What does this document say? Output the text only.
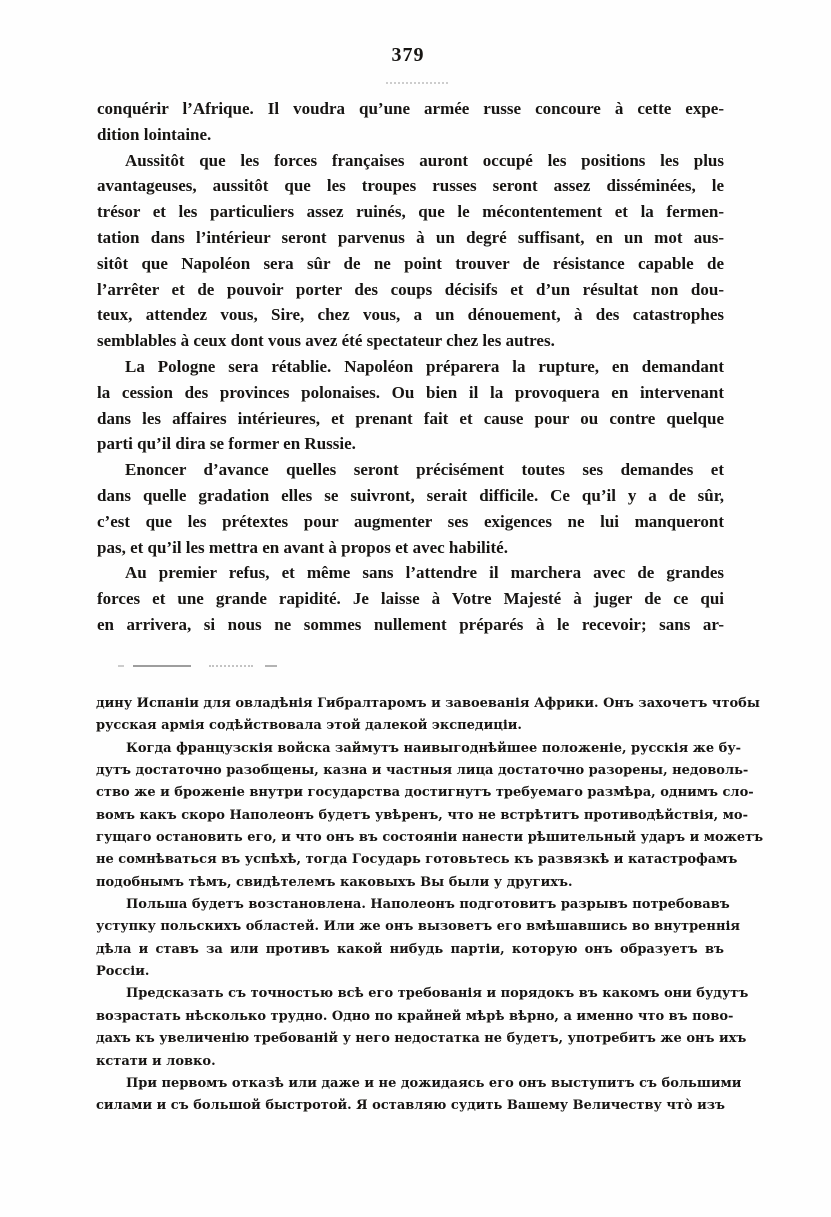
379
conquérir l’Afrique. Il voudra qu’une armée russe concoure à cette expe-
dition lointaine.
Aussitôt que les forces françaises auront occupé les positions les plus
avantageuses, aussitôt que les troupes russes seront assez disséminées, le
trésor et les particuliers assez ruinés, que le mécontentement et la fermen-
tation dans l’intérieur seront parvenus à un degré suffisant, en un mot aus-
sitôt que Napoléon sera sûr de ne point trouver de résistance capable de
l’arrêter et de pouvoir porter des coups décisifs et d’un résultat non dou-
teux, attendez vous, Sire, chez vous, a un dénouement, à des catastrophes
semblables à ceux dont vous avez été spectateur chez les autres.
La Pologne sera rétablie. Napoléon préparera la rupture, en demandant
la cession des provinces polonaises. Ou bien il la provoquera en intervenant
dans les affaires intérieures, et prenant fait et cause pour ou contre quelque
parti qu’il dira se former en Russie.
Enoncer d’avance quelles seront précisément toutes ses demandes et
dans quelle gradation elles se suivront, serait difficile. Ce qu’il y a de sûr,
c’est que les prétextes pour augmenter ses exigences ne lui manqueront
pas, et qu’il les mettra en avant à propos et avec habilité.
Au premier refus, et même sans l’attendre il marchera avec de grandes
forces et une grande rapidité. Je laisse à Votre Majesté à juger de ce qui
en arrivera, si nous ne sommes nullement préparés à le recevoir; sans ar-
дину Испаніи для овладѣнія Гибралтаромъ и завоеванія Африки. Онъ захочетъ чтобы
русская армія содѣйствовала этой далекой экспедиціи.
Когда французскія войска займутъ наивыгоднѣйшее положеніе, русскія же бу-
дутъ достаточно разобщены, казна и частныя лица достаточно разорены, недоволь-
ство же и броженіе внутри государства достигнутъ требуемаго размѣра, однимъ сло-
вомъ какъ скоро Наполеонъ будетъ увѣренъ, что не встрѣтитъ противодѣйствія, мо-
гущаго остановить его, и что онъ въ состояніи нанести рѣшительный ударъ и можетъ
не сомнѣваться въ успѣхѣ, тогда Государь готовьтесь къ развязкѣ и катастрофамъ
подобнымъ тѣмъ, свидѣтелемъ каковыхъ Вы были у другихъ.
Польша будетъ возстановлена. Наполеонъ подготовитъ разрывъ потребовавъ
уступку польскихъ областей. Или же онъ вызоветъ его вмѣшавшись во внутреннія
дѣла и ставъ за или противъ какой нибудь партіи, которую онъ образуетъ въ
Россіи.
Предсказать съ точностью всѣ его требованія и порядокъ въ какомъ они будутъ
возрастать нѣсколько трудно. Одно по крайней мѣрѣ вѣрно, а именно что въ пово-
дахъ къ увеличенію требованій у него недостатка не будетъ, употребитъ же онъ ихъ
кстати и ловко.
При первомъ отказѣ или даже и не дожидаясь его онъ выступитъ съ большими
силами и съ большой быстротой. Я оставляю судить Вашему Величеству что̀ изъ
